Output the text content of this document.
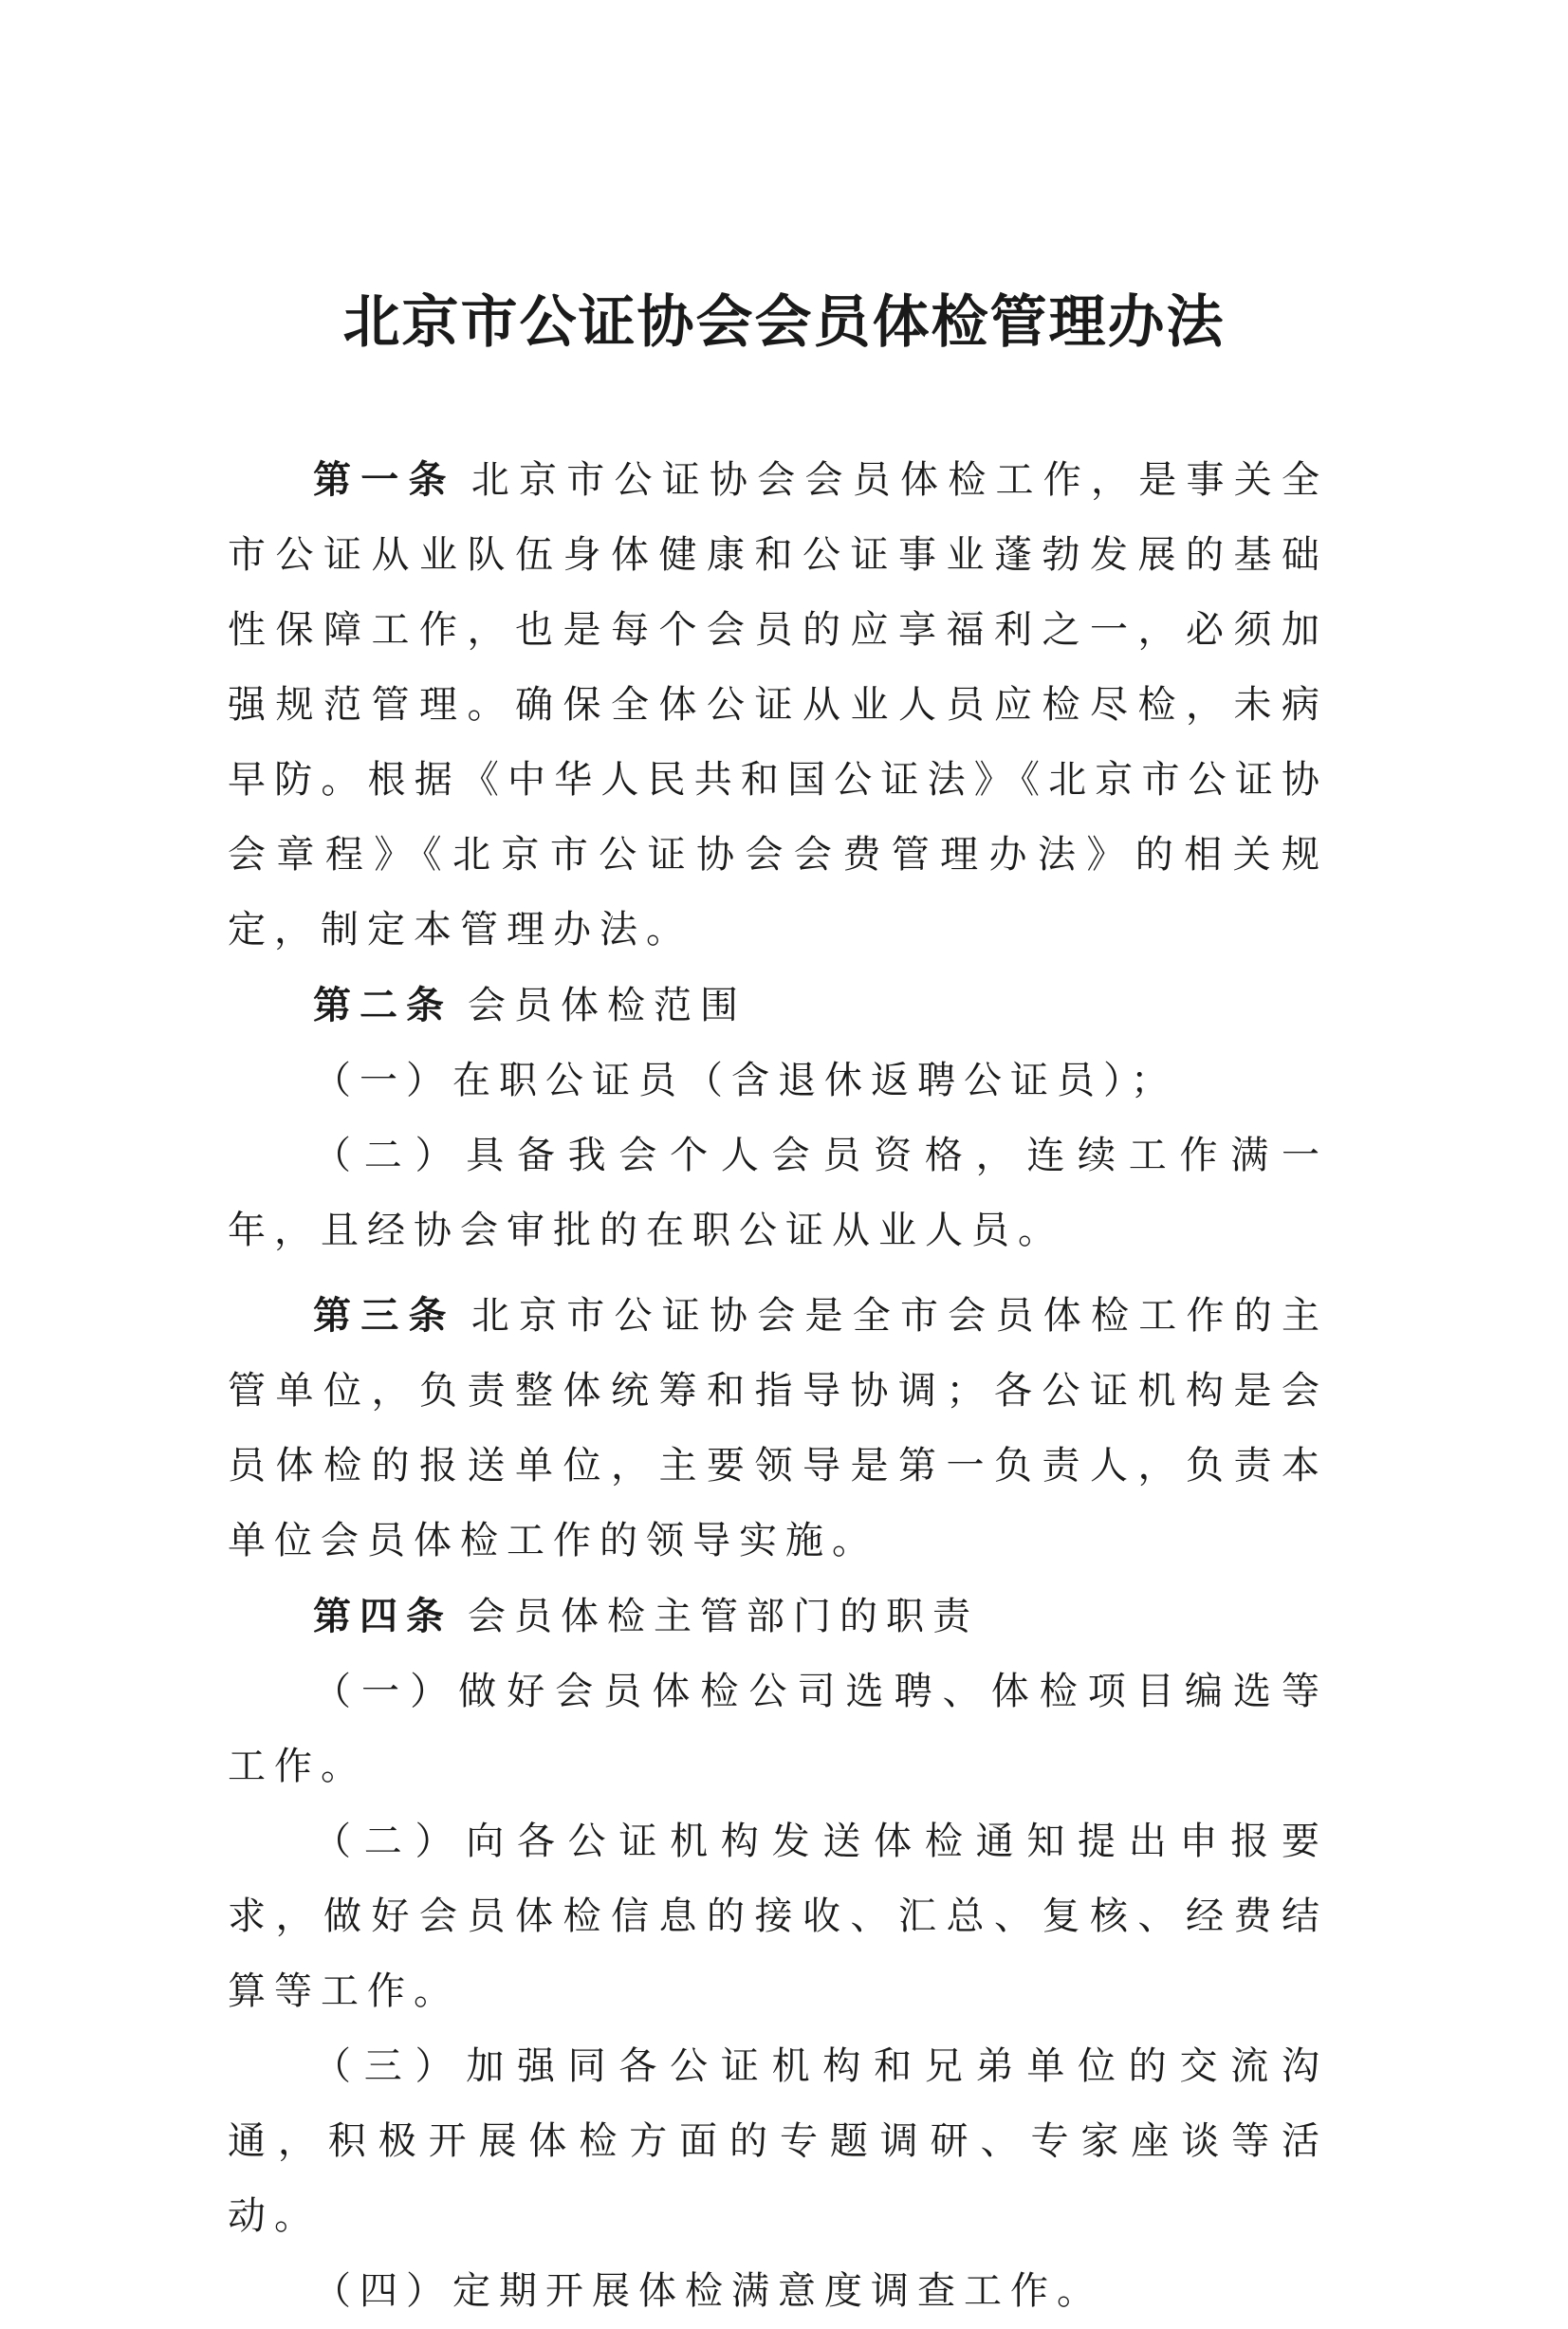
北京市公证协会会员体检管理办法

第一条 北京市公证协会会员体检工作，是事关全市公证从业队伍身体健康和公证事业蓬勃发展的基础性保障工作，也是每个会员的应享福利之一，必须加强规范管理。确保全体公证从业人员应检尽检，未病早防。根据《中华人民共和国公证法》《北京市公证协会章程》《北京市公证协会会费管理办法》的相关规定，制定本管理办法。

第二条 会员体检范围

（一）在职公证员（含退休返聘公证员）；

（二）具备我会个人会员资格，连续工作满一年，且经协会审批的在职公证从业人员。

第三条 北京市公证协会是全市会员体检工作的主管单位，负责整体统筹和指导协调；各公证机构是会员体检的报送单位，主要领导是第一负责人，负责本单位会员体检工作的领导实施。

第四条 会员体检主管部门的职责

（一）做好会员体检公司选聘、体检项目编选等工作。

（二）向各公证机构发送体检通知提出申报要求，做好会员体检信息的接收、汇总、复核、经费结算等工作。

（三）加强同各公证机构和兄弟单位的交流沟通，积极开展体检方面的专题调研、专家座谈等活动。

（四）定期开展体检满意度调查工作。
